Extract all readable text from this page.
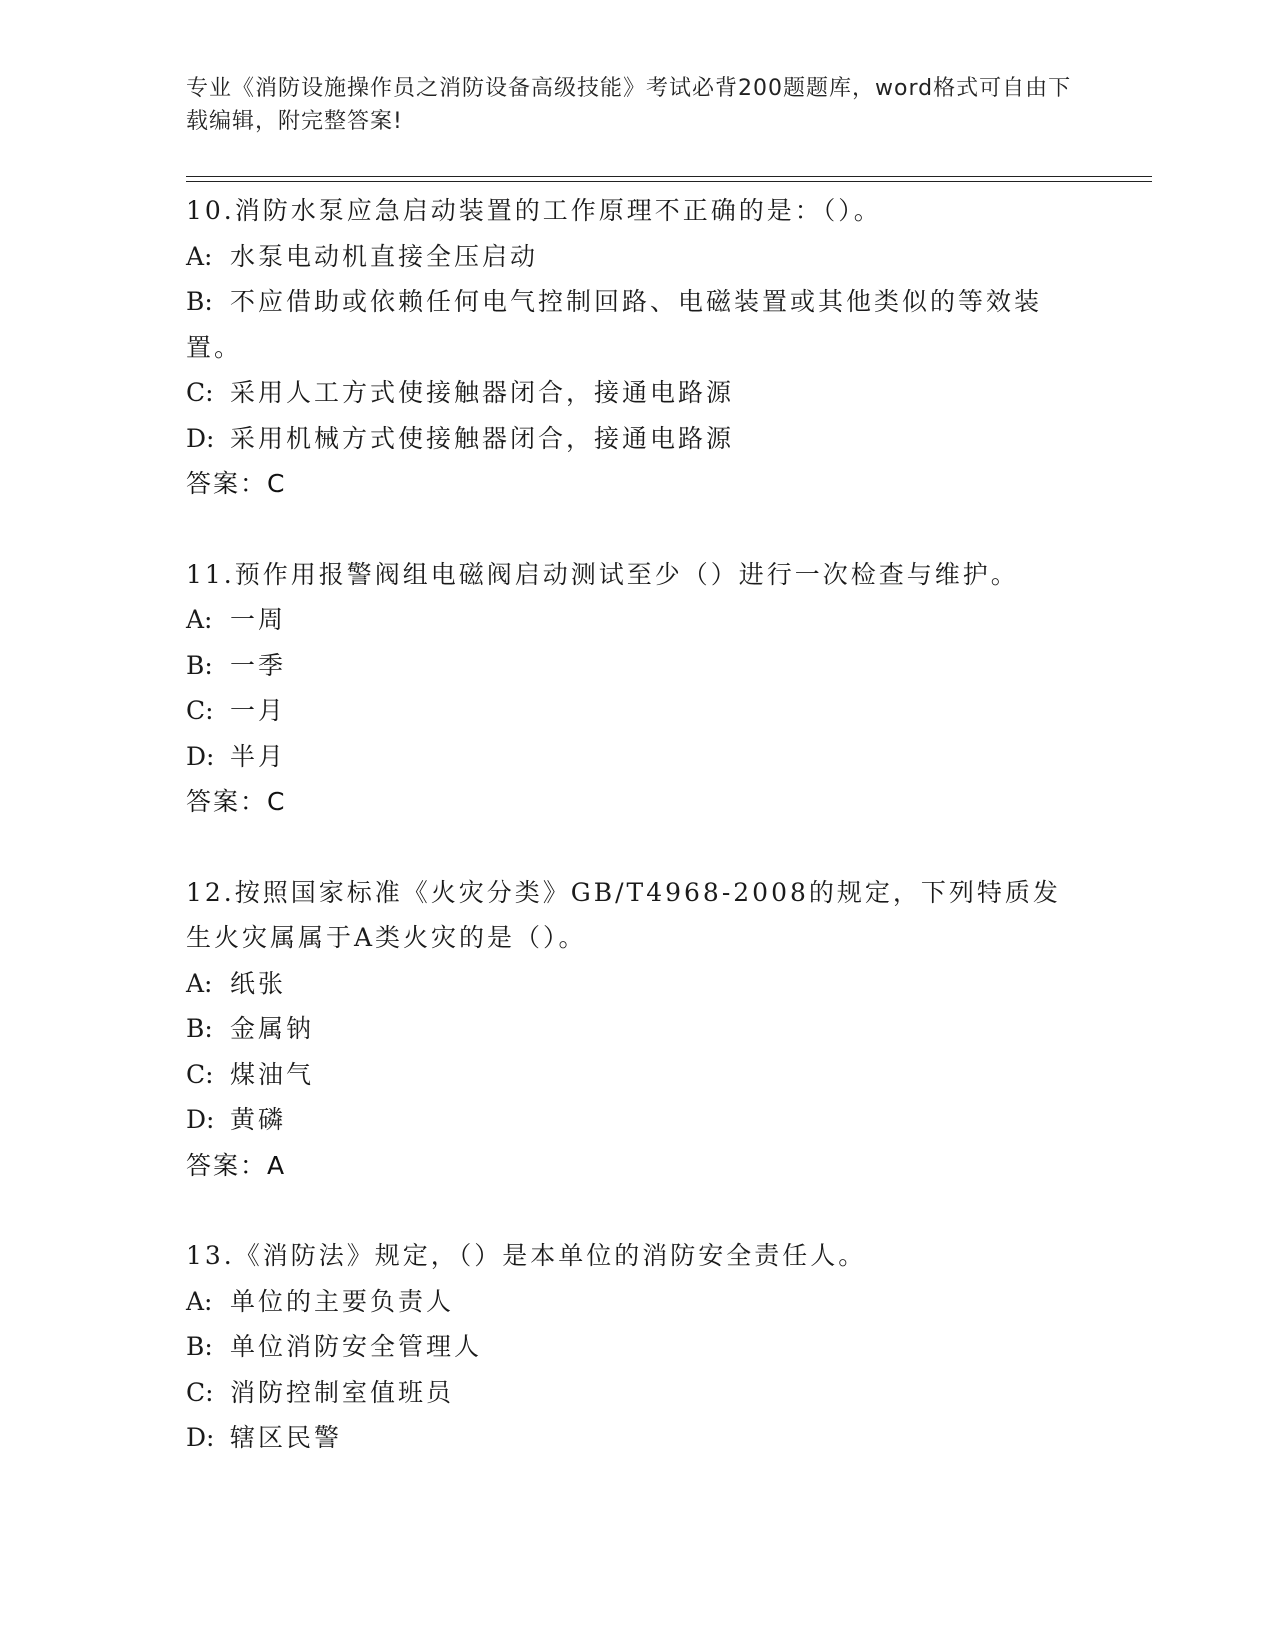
专业《消防设施操作员之消防设备高级技能》考试必背200题题库，word格式可自由下载编辑，附完整答案!
10.消防水泵应急启动装置的工作原理不正确的是：（）。
A: 水泵电动机直接全压启动
B: 不应借助或依赖任何电气控制回路、电磁装置或其他类似的等效装置。
C: 采用人工方式使接触器闭合，接通电路源
D: 采用机械方式使接触器闭合，接通电路源
答案：C
11.预作用报警阀组电磁阀启动测试至少（）进行一次检查与维护。
A: 一周
B: 一季
C: 一月
D: 半月
答案：C
12.按照国家标准《火灾分类》GB/T4968-2008的规定，下列特质发生火灾属属于A类火灾的是（）。
A: 纸张
B: 金属钠
C: 煤油气
D: 黄磷
答案：A
13.《消防法》规定，（）是本单位的消防安全责任人。
A: 单位的主要负责人
B: 单位消防安全管理人
C: 消防控制室值班员
D: 辖区民警
